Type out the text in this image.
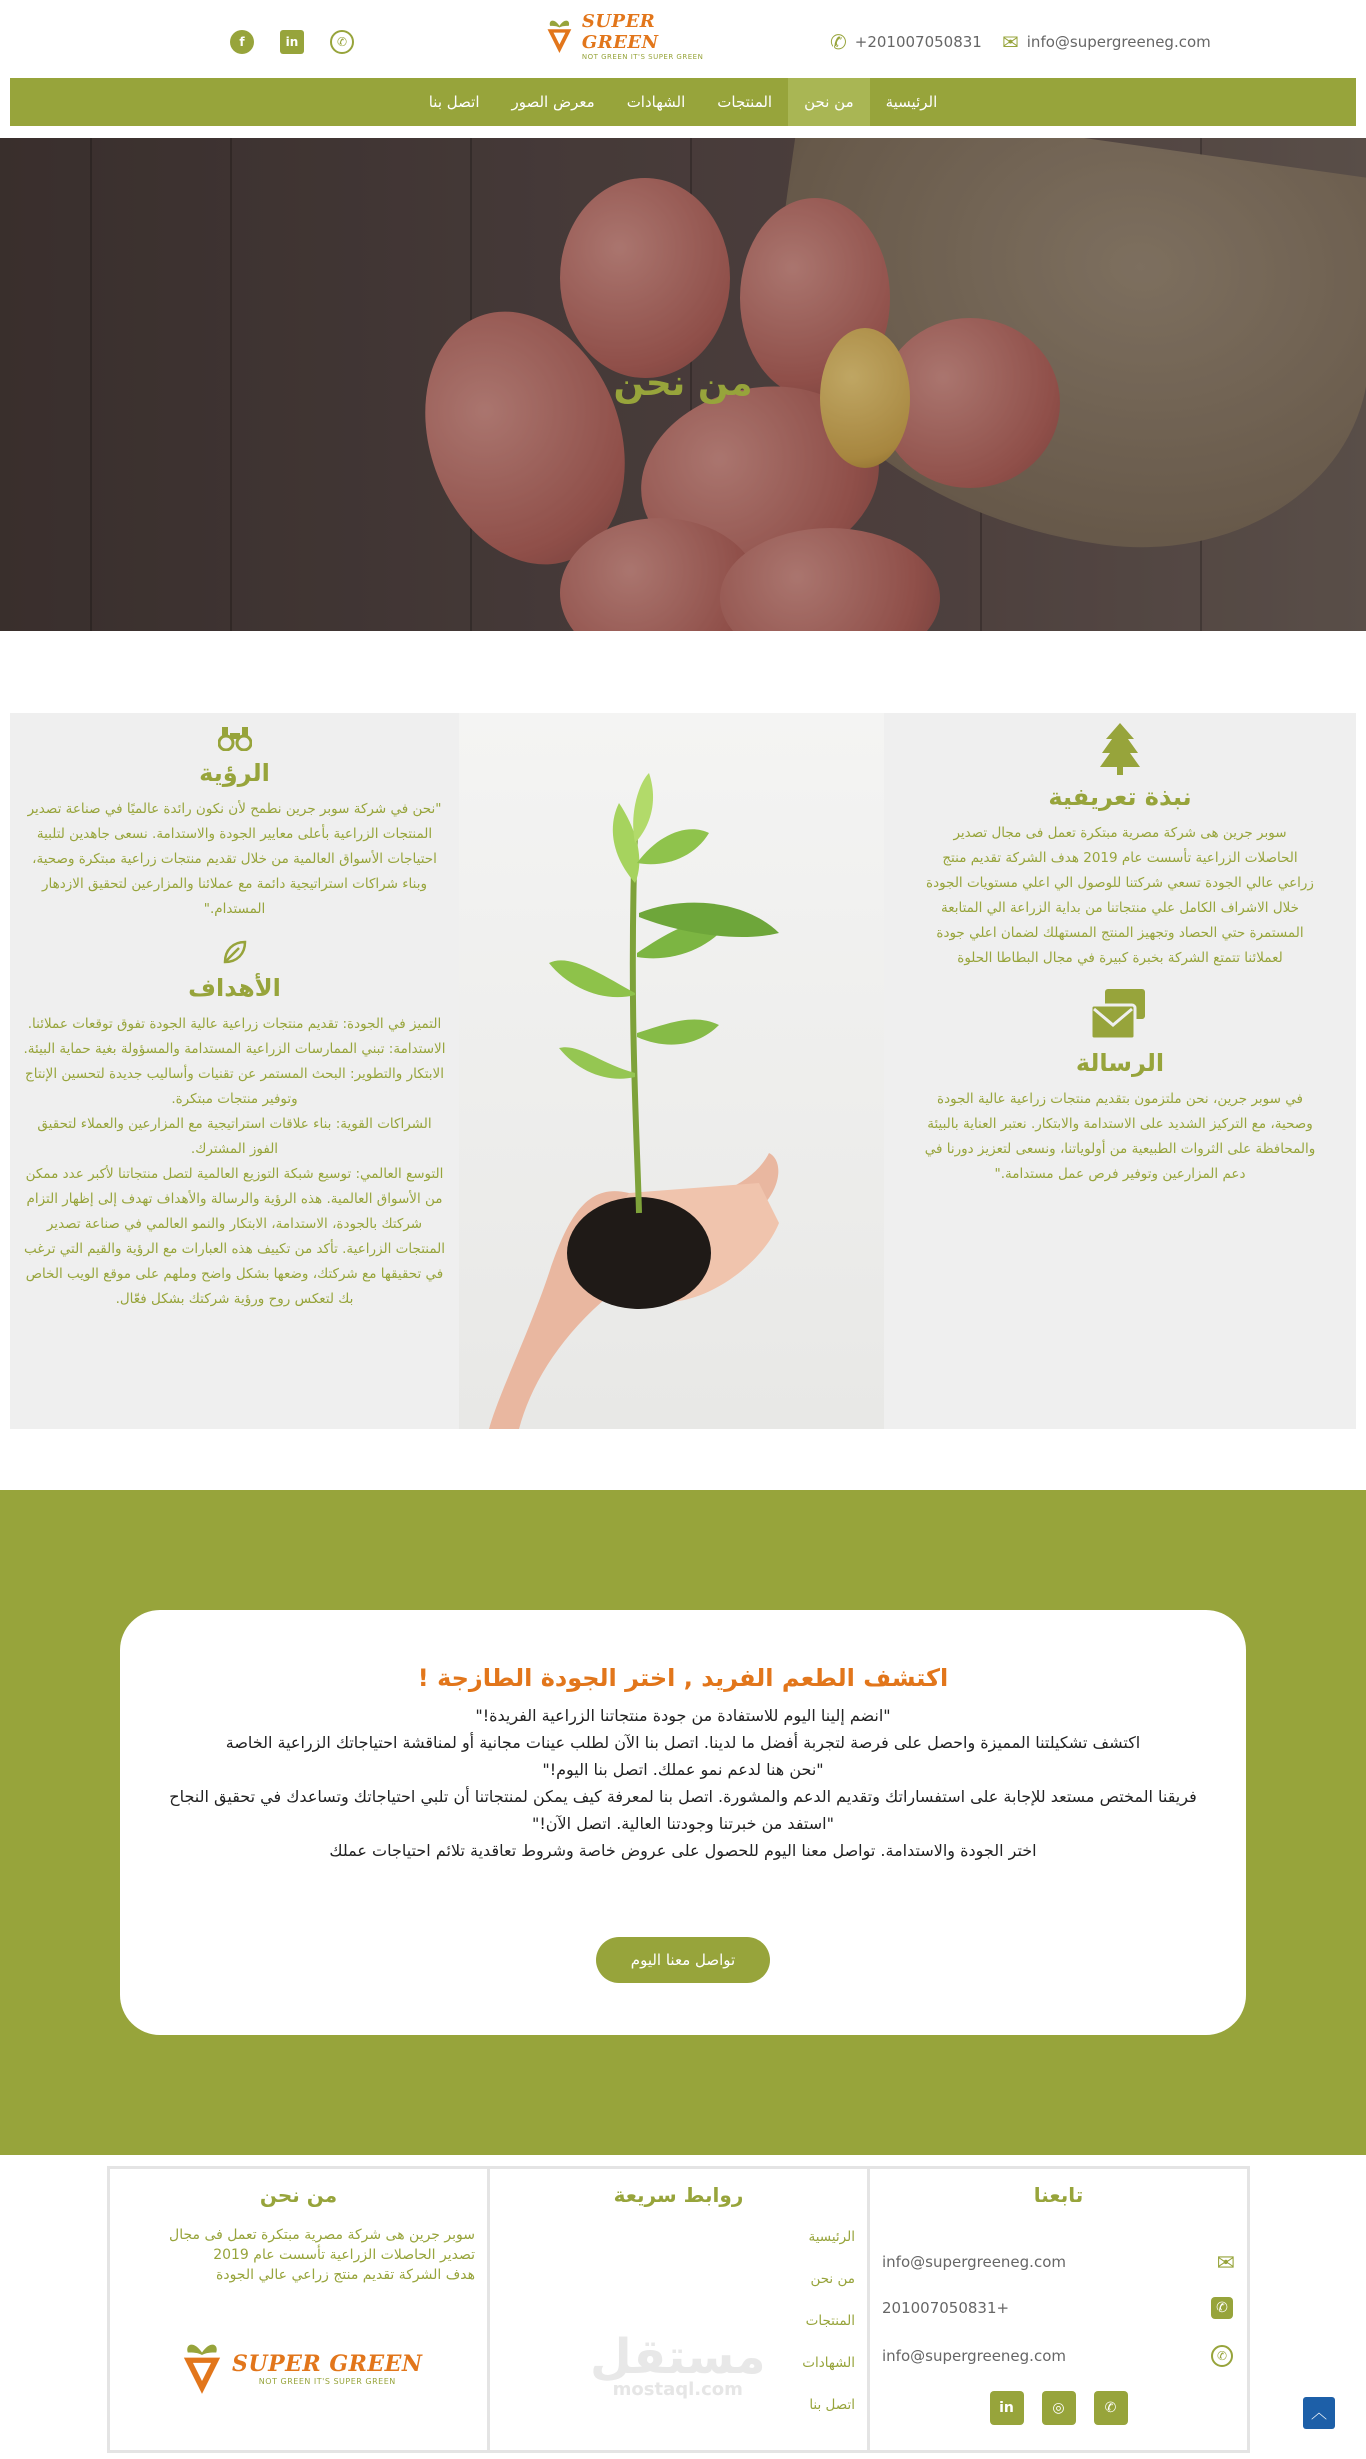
f	in	✆
SUPER GREEN
NOT GREEN IT'S SUPER GREEN
✆ +201007050831 ✉ info@supergreeneg.com
الرئيسية
من نحن
المنتجات
الشهادات
معرض الصور
اتصل بنا
من نحن
نبذة تعريفية

سوبر جرين هى شركة مصرية مبتكرة تعمل فى مجال تصدير الحاصلات الزراعية تأسست عام 2019 هدف الشركة تقديم منتج زراعي عالي الجودة تسعي شركتنا للوصول الي اعلي مستويات الجودة خلال الاشراف الكامل علي منتجاتنا من بداية الزراعة الي المتابعة المستمرة حتي الحصاد وتجهيز المنتج المستهلك لضمان اعلي جودة لعملائنا تتمتع الشركة بخبرة كبيرة في مجال البطاطا الحلوة

الرسالة

في سوبر جرين، نحن ملتزمون بتقديم منتجات زراعية عالية الجودة وصحية، مع التركيز الشديد على الاستدامة والابتكار. نعتبر العناية بالبيئة والمحافظة على الثروات الطبيعية من أولوياتنا، ونسعى لتعزيز دورنا في دعم المزارعين وتوفير فرص عمل مستدامة."

الرؤية

"نحن في شركة سوبر جرين نطمح لأن نكون رائدة عالميًا في صناعة تصدير المنتجات الزراعية بأعلى معايير الجودة والاستدامة. نسعى جاهدين لتلبية احتياجات الأسواق العالمية من خلال تقديم منتجات زراعية مبتكرة وصحية، وبناء شراكات استراتيجية دائمة مع عملائنا والمزارعين لتحقيق الازدهار المستدام."

الأهداف

التميز في الجودة: تقديم منتجات زراعية عالية الجودة تفوق توقعات عملائنا.

الاستدامة: تبني الممارسات الزراعية المستدامة والمسؤولة بغية حماية البيئة.

الابتكار والتطوير: البحث المستمر عن تقنيات وأساليب جديدة لتحسين الإنتاج وتوفير منتجات مبتكرة.

الشراكات القوية: بناء علاقات استراتيجية مع المزارعين والعملاء لتحقيق الفوز المشترك.

التوسع العالمي: توسيع شبكة التوزيع العالمية لتصل منتجاتنا لأكبر عدد ممكن من الأسواق العالمية. هذه الرؤية والرسالة والأهداف تهدف إلى إظهار التزام شركتك بالجودة، الاستدامة، الابتكار والنمو العالمي في صناعة تصدير المنتجات الزراعية. تأكد من تكييف هذه العبارات مع الرؤية والقيم التي ترغب في تحقيقها مع شركتك، وضعها بشكل واضح وملهم على موقع الويب الخاص بك لتعكس روح ورؤية شركتك بشكل فعّال.

اكتشف الطعم الفريد , اختر الجودة الطازجة !

"انضم إلينا اليوم للاستفادة من جودة منتجاتنا الزراعية الفريدة!"

اكتشف تشكيلتنا المميزة واحصل على فرصة لتجربة أفضل ما لدينا. اتصل بنا الآن لطلب عينات مجانية أو لمناقشة احتياجاتك الزراعية الخاصة

"نحن هنا لدعم نمو عملك. اتصل بنا اليوم!"

فريقنا المختص مستعد للإجابة على استفساراتك وتقديم الدعم والمشورة. اتصل بنا لمعرفة كيف يمكن لمنتجاتنا أن تلبي احتياجاتك وتساعدك في تحقيق النجاح

"استفد من خبرتنا وجودتنا العالية. اتصل الآن!"

اختر الجودة والاستدامة. تواصل معنا اليوم للحصول على عروض خاصة وشروط تعاقدية تلائم احتياجات عملك

تواصل معنا اليوم
تابعنا
✉
info@supergreeneg.com
✆
+201007050831
✆
info@supergreeneg.com
in	◎	✆
روابط سريعة
الرئيسية
من نحن
المنتجات
الشهادات
اتصل بنا
مستقل
mostaql.com
من نحن
سوبر جرين هى شركة مصرية مبتكرة تعمل فى مجال
تصدير الحاصلات الزراعية تأسست عام 2019
هدف الشركة تقديم منتج زراعي عالي الجودة
SUPER GREEN
NOT GREEN IT'S SUPER GREEN
︿
